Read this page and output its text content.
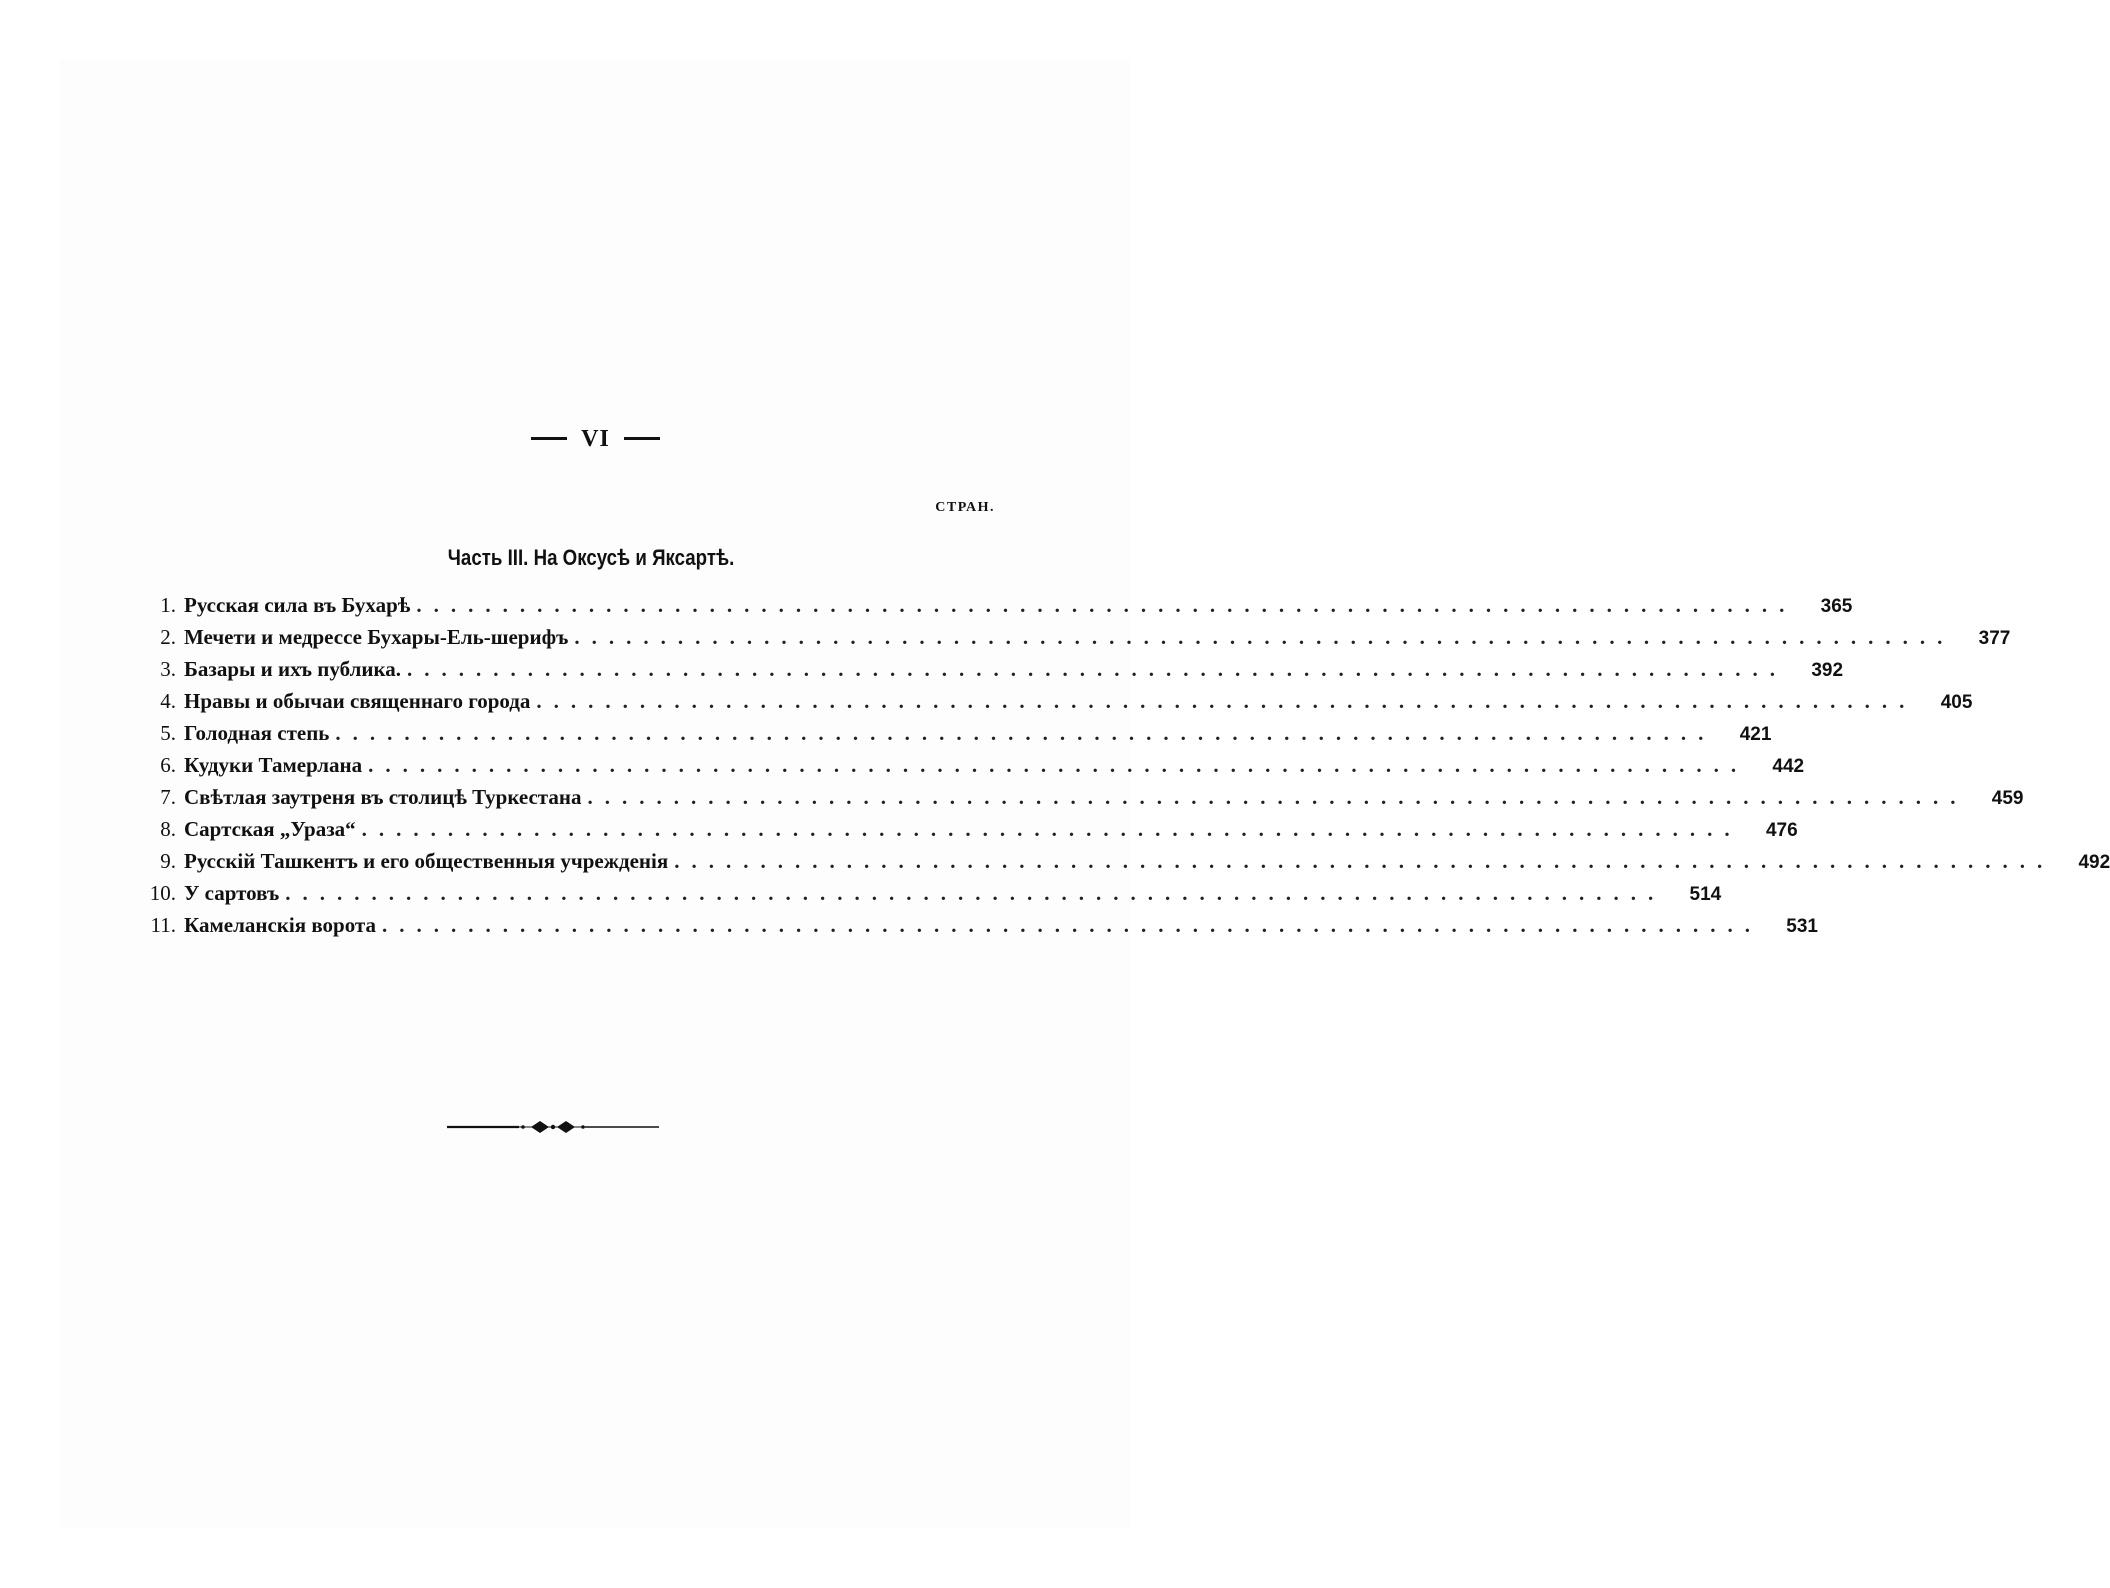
VI
СТРАН.
Часть III. На Оксусѣ и Яксартѣ.
1. Русская сила въ Бухарѣ ................................................................................	365
2. Мечети и медрессе Бухары-Ель-шерифъ ................................................................................	377
3. Базары и ихъ публика. ................................................................................	392
4. Нравы и обычаи священнаго города ................................................................................	405
5. Голодная степь ................................................................................	421
6. Кудуки Тамерлана ................................................................................	442
7. Свѣтлая заутреня въ столицѣ Туркестана ................................................................................	459
8. Сартская „Ураза“ ................................................................................	476
9. Русскій Ташкентъ и его общественныя учрежденія ................................................................................	492
10. У сартовъ ................................................................................	514
11. Камеланскія ворота ................................................................................	531
